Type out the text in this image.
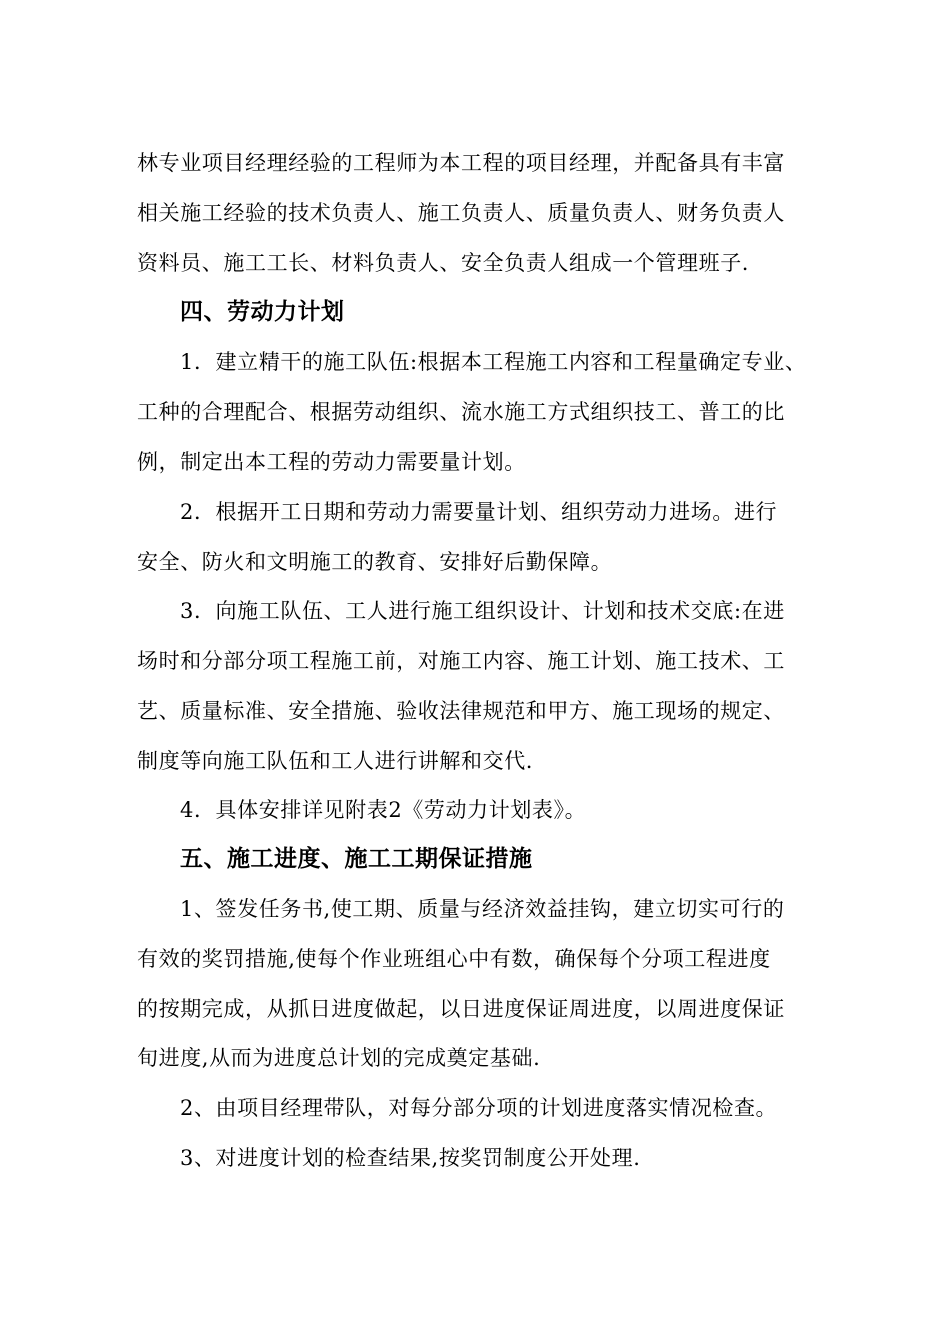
林专业项目经理经验的工程师为本工程的项目经理，并配备具有丰富
相关施工经验的技术负责人、施工负责人、质量负责人、财务负责人
资料员、施工工长、材料负责人、安全负责人组成一个管理班子.
四、劳动力计划
1．建立精干的施工队伍:根据本工程施工内容和工程量确定专业、
工种的合理配合、根据劳动组织、流水施工方式组织技工、普工的比
例，制定出本工程的劳动力需要量计划。
2．根据开工日期和劳动力需要量计划、组织劳动力进场。进行
安全、防火和文明施工的教育、安排好后勤保障。
3．向施工队伍、工人进行施工组织设计、计划和技术交底:在进
场时和分部分项工程施工前，对施工内容、施工计划、施工技术、工
艺、质量标准、安全措施、验收法律规范和甲方、施工现场的规定、
制度等向施工队伍和工人进行讲解和交代.
4．具体安排详见附表2《劳动力计划表》。
五、施工进度、施工工期保证措施
1、签发任务书,使工期、质量与经济效益挂钩，建立切实可行的
有效的奖罚措施,使每个作业班组心中有数，确保每个分项工程进度
的按期完成，从抓日进度做起，以日进度保证周进度，以周进度保证
旬进度,从而为进度总计划的完成奠定基础.
2、由项目经理带队，对每分部分项的计划进度落实情况检查。
3、对进度计划的检查结果,按奖罚制度公开处理.
